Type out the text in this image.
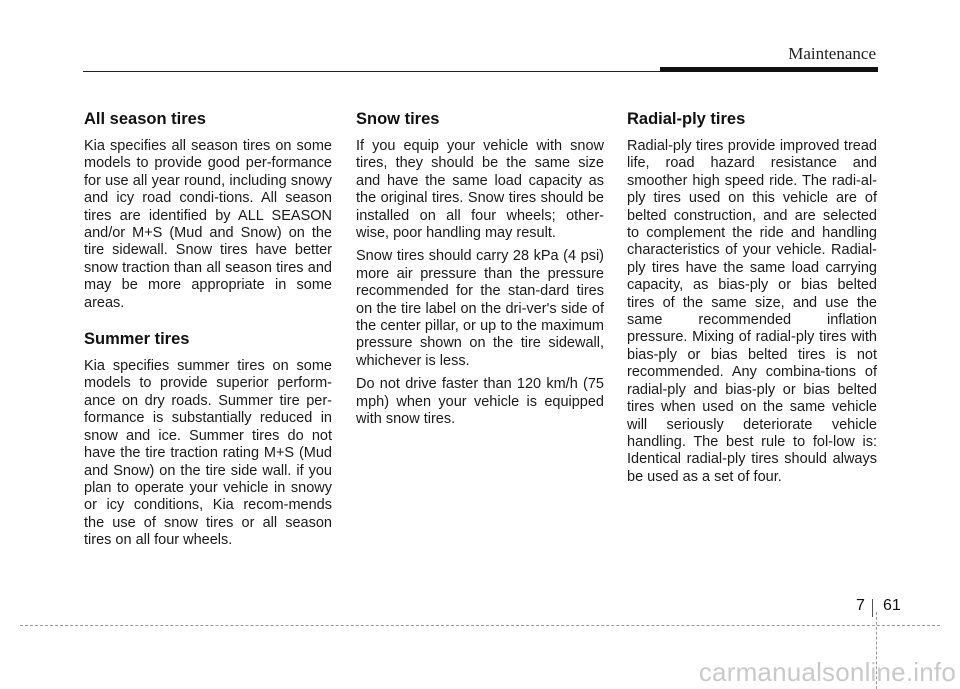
Maintenance
All season tires

Kia specifies all season tires on some models to provide good per-formance for use all year round, including snowy and icy road condi-tions. All season tires are identified by ALL SEASON and/or M+S (Mud and Snow) on the tire sidewall. Snow tires have better snow traction than all season tires and may be more appropriate in some areas.

Summer tires

Kia specifies summer tires on some models to provide superior perform-ance on dry roads. Summer tire per-formance is substantially reduced in snow and ice. Summer tires do not have the tire traction rating M+S (Mud and Snow) on the tire side wall. if you plan to operate your vehicle in snowy or icy conditions, Kia recom-mends the use of snow tires or all season tires on all four wheels.

Snow tires

If you equip your vehicle with snow tires, they should be the same size and have the same load capacity as the original tires. Snow tires should be installed on all four wheels; other-wise, poor handling may result.

Snow tires should carry 28 kPa (4 psi) more air pressure than the pressure recommended for the stan-dard tires on the tire label on the dri-ver's side of the center pillar, or up to the maximum pressure shown on the tire sidewall, whichever is less.

Do not drive faster than 120 km/h (75 mph) when your vehicle is equipped with snow tires.

Radial-ply tires

Radial-ply tires provide improved tread life, road hazard resistance and smoother high speed ride. The radi-al-ply tires used on this vehicle are of belted construction, and are selected to complement the ride and handling characteristics of your vehicle. Radial-ply tires have the same load carrying capacity, as bias-ply or bias belted tires of the same size, and use the same recommended inflation pressure. Mixing of radial-ply tires with bias-ply or bias belted tires is not recommended. Any combina-tions of radial-ply and bias-ply or bias belted tires when used on the same vehicle will seriously deteriorate vehicle handling. The best rule to fol-low is: Identical radial-ply tires should always be used as a set of four.

7 61
carmanualsonline.info
